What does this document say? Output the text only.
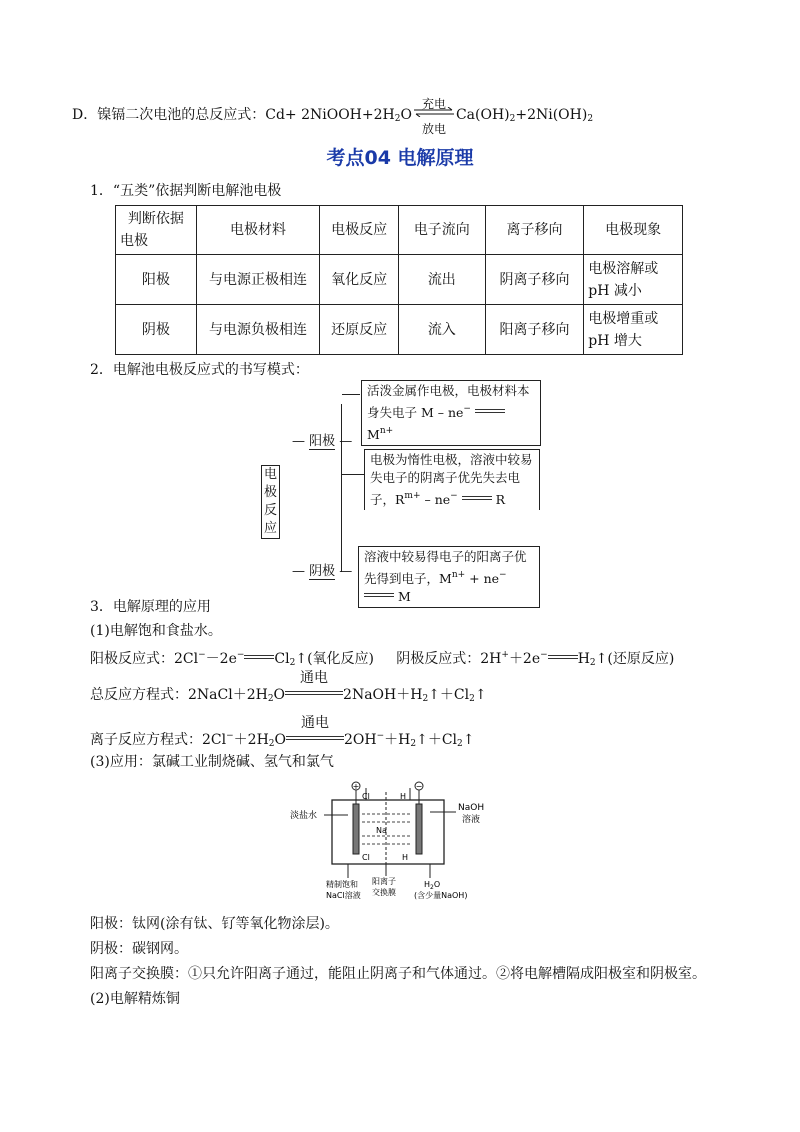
D．镍镉二次电池的总反应式：$Cd+ 2NiOOH+2H_2O$
充电
放电
$Ca(OH)_2+2Ni(OH)_2$
考点04 电解原理
1．“五类”依据判断电解池电极
判断依据
电极	电极材料	电极反应	电子流向	离子移向	电极现象
阳极	与电源正极相连	氧化反应	流出	阴离子移向	电极溶解或
pH 减小

阴极	与电源负极相连	还原反应	流入	阳离子移向	电极增重或
pH 增大
2．电解池电极反应式的书写模式：
电
极
反
应
— 阳极 —
— 阴极 —
活泼金属作电极，电极材料本
身失电子 M – ne−  $M^{n+}$
电极为惰性电极，溶液中较易
失电子的阴离子优先失去电
子，$R^{m+} - ne^-$	R
溶液中较易得电子的阳离子优
先得到电子，$M^{n+} + ne^-$  M
3．电解原理的应用
(1)电解饱和食盐水。
阳极反应式：2Cl−－2e− $Cl_2↑$(氧化反应) 阴极反应式：2H+＋2e− $H_2↑$(还原反应)
总反应方程式：$2NaCl+2H_2O$
通电
$2NaOH+H_2↑+Cl_2↑$
离子反应方程式：$2Cl^-+2H_2O$
通电
$2OH^-+H_2↑+Cl_2↑$
(3)应用：氯碱工业制烧碱、氢气和氯气
+	−
Cl	H
Na
Cl	H
淡盐水
NaOH
溶液
精制饱和
NaCl溶液
阳离子
交换膜
$H_2O$
(含少量NaOH)
阳极：钛网(涂有钛、钌等氧化物涂层)。
阴极：碳钢网。
阳离子交换膜：①只允许阳离子通过，能阻止阴离子和气体通过。②将电解槽隔成阳极室和阴极室。
(2)电解精炼铜
